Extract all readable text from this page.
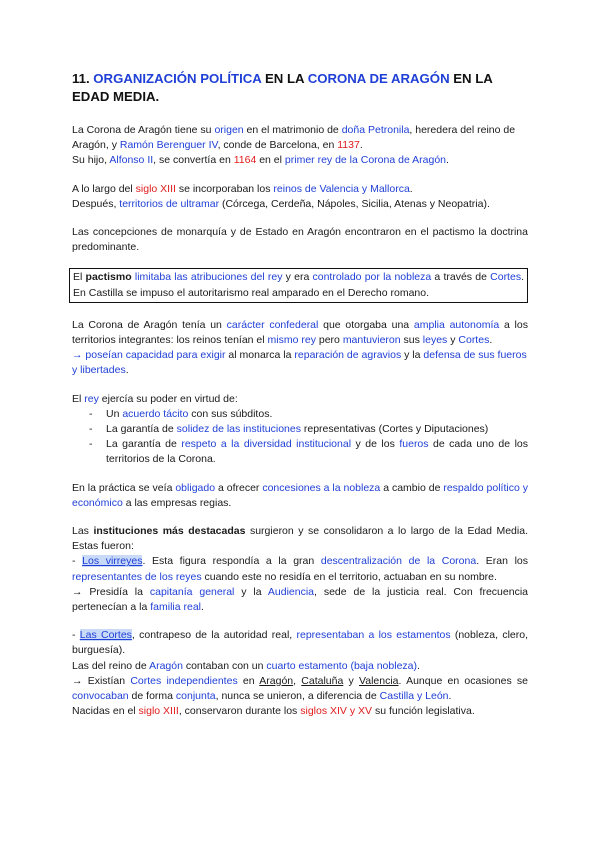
11. ORGANIZACIÓN POLÍTICA EN LA CORONA DE ARAGÓN EN LA EDAD MEDIA.

La Corona de Aragón tiene su origen en el matrimonio de doña Petronila, heredera del reino de Aragón, y Ramón Berenguer IV, conde de Barcelona, en 1137.

Su hijo, Alfonso II, se convertía en 1164 en el primer rey de la Corona de Aragón.

A lo largo del siglo XIII se incorporaban los reinos de Valencia y Mallorca.

Después, territorios de ultramar (Córcega, Cerdeña, Nápoles, Sicilia, Atenas y Neopatria).

Las concepciones de monarquía y de Estado en Aragón encontraron en el pactismo la doctrina predominante.

El pactismo limitaba las atribuciones del rey y era controlado por la nobleza a través de Cortes. En Castilla se impuso el autoritarismo real amparado en el Derecho romano.

La Corona de Aragón tenía un carácter confederal que otorgaba una amplia autonomía a los territorios integrantes: los reinos tenían el mismo rey pero mantuvieron sus leyes y Cortes.

→ poseían capacidad para exigir al monarca la reparación de agravios y la defensa de sus fueros y libertades.

El rey ejercía su poder en virtud de:

- Un acuerdo tácito con sus súbditos.
- La garantía de solidez de las instituciones representativas (Cortes y Diputaciones)
- La garantía de respeto a la diversidad institucional y de los fueros de cada uno de los territorios de la Corona.

En la práctica se veía obligado a ofrecer concesiones a la nobleza a cambio de respaldo político y económico a las empresas regias.

Las instituciones más destacadas surgieron y se consolidaron a lo largo de la Edad Media. Estas fueron:

- Los virreyes. Esta figura respondía a la gran descentralización de la Corona. Eran los representantes de los reyes cuando este no residía en el territorio, actuaban en su nombre.

→ Presidía la capitanía general y la Audiencia, sede de la justicia real. Con frecuencia pertenecían a la familia real.

- Las Cortes, contrapeso de la autoridad real, representaban a los estamentos (nobleza, clero, burguesía).

Las del reino de Aragón contaban con un cuarto estamento (baja nobleza).

→ Existían Cortes independientes en Aragón, Cataluña y Valencia. Aunque en ocasiones se convocaban de forma conjunta, nunca se unieron, a diferencia de Castilla y León.

Nacidas en el siglo XIII, conservaron durante los siglos XIV y XV su función legislativa.
